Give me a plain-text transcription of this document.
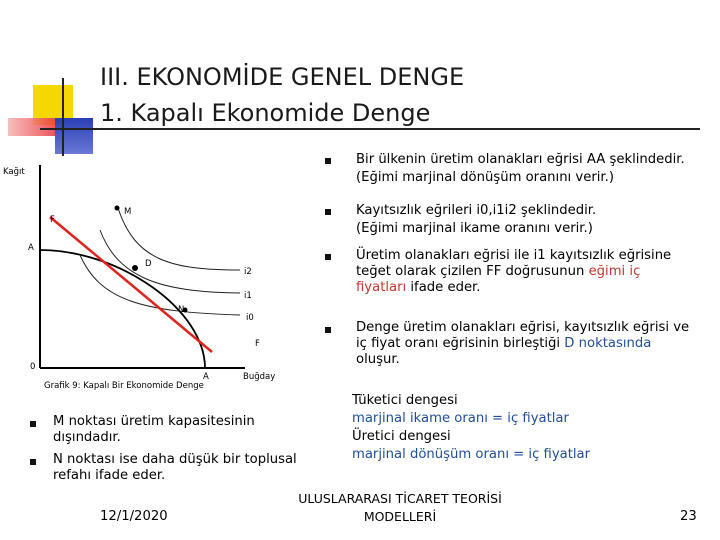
III. EKONOMİDE GENEL DENGE
1. Kapalı Ekonomide Denge
Kağıt
F
M
A
D
i2
i1
N
i0
F
0
A	Buğday
Grafik 9: Kapalı Bir Ekonomide Denge
Bir ülkenin üretim olanakları eğrisi AA şeklindedir.
(Eğimi marjinal dönüşüm oranını verir.)
Kayıtsızlık eğrileri i0,i1i2 şeklindedir.
(Eğimi marjinal ikame oranını verir.)
Üretim olanakları eğrisi ile i1 kayıtsızlık eğrisine
teğet olarak çizilen FF doğrusunun eğimi iç
fiyatları ifade eder.
Denge üretim olanakları eğrisi, kayıtsızlık eğrisi ve
iç fiyat oranı eğrisinin birleştiği D noktasında
oluşur.
Tüketici dengesi
marjinal ikame oranı = iç fiyatlar
Üretici dengesi
marjinal dönüşüm oranı = iç fiyatlar
M noktası üretim kapasitesinin
dışındadır.
N noktası ise daha düşük bir toplusal
refahı ifade eder.
12/1/2020
ULUSLARARASI TİCARET TEORİSİ
MODELLERİ	23
